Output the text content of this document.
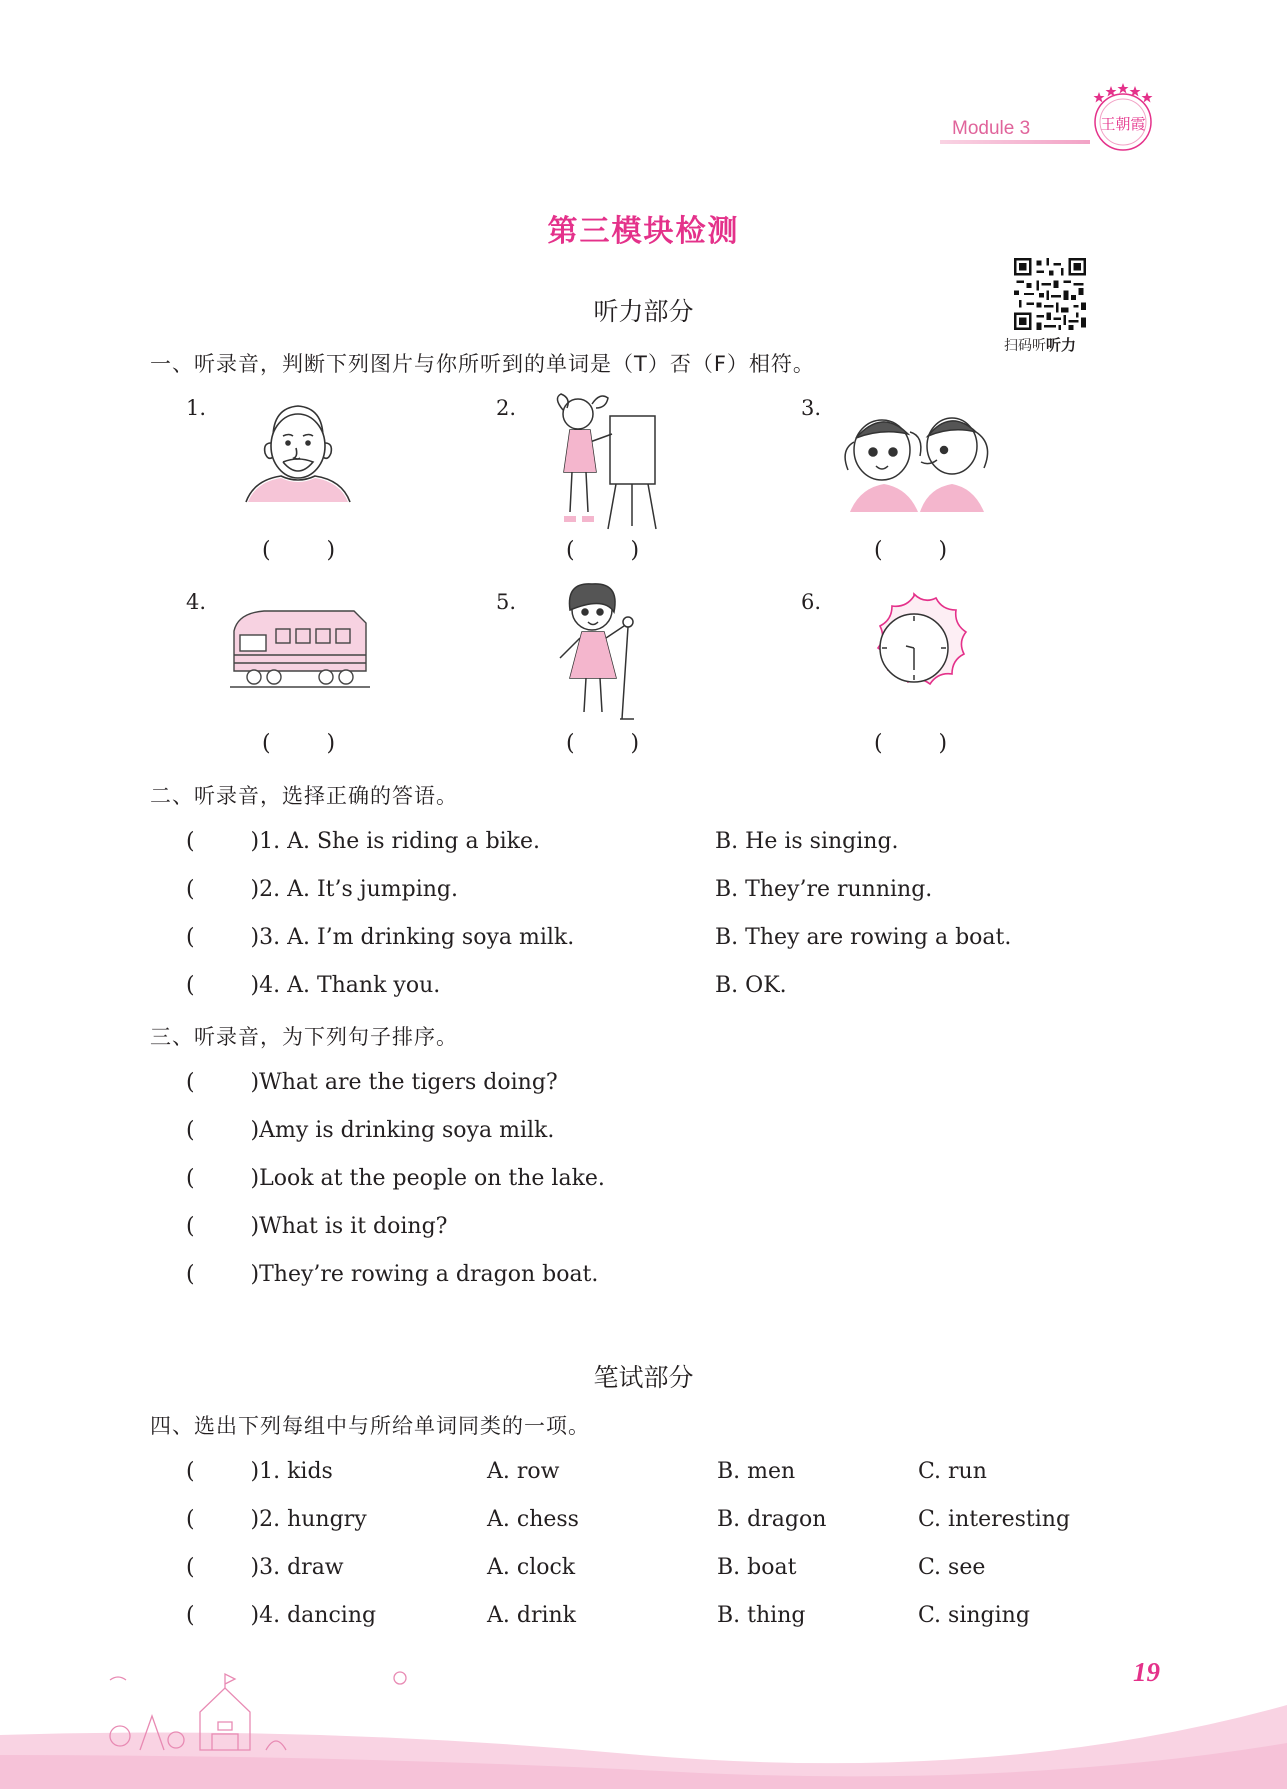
Module 3	王朝霞
第三模块检测
听力部分
扫码听听力
一、听录音，判断下列图片与你所听到的单词是（T）否（F）相符。
1.
(        )
2.
(        )
3.
(        )
4.
(        )
5.
(        )
6.
(        )
二、听录音，选择正确的答语。
(        )1. A. She is riding a bike.	B. He is singing.
(        )2. A. It’s jumping.	B. They’re running.
(        )3. A. I’m drinking soya milk.	B. They are rowing a boat.
(        )4. A. Thank you.	B. OK.
三、听录音，为下列句子排序。
(        )What are the tigers doing?
(        )Amy is drinking soya milk.
(        )Look at the people on the lake.
(        )What is it doing?
(        )They’re rowing a dragon boat.
笔试部分
四、选出下列每组中与所给单词同类的一项。
(        )1. kids	A. row	B. men	C. run
(        )2. hungry	A. chess	B. dragon	C. interesting
(        )3. draw	A. clock	B. boat	C. see
(        )4. dancing	A. drink	B. thing	C. singing
19
